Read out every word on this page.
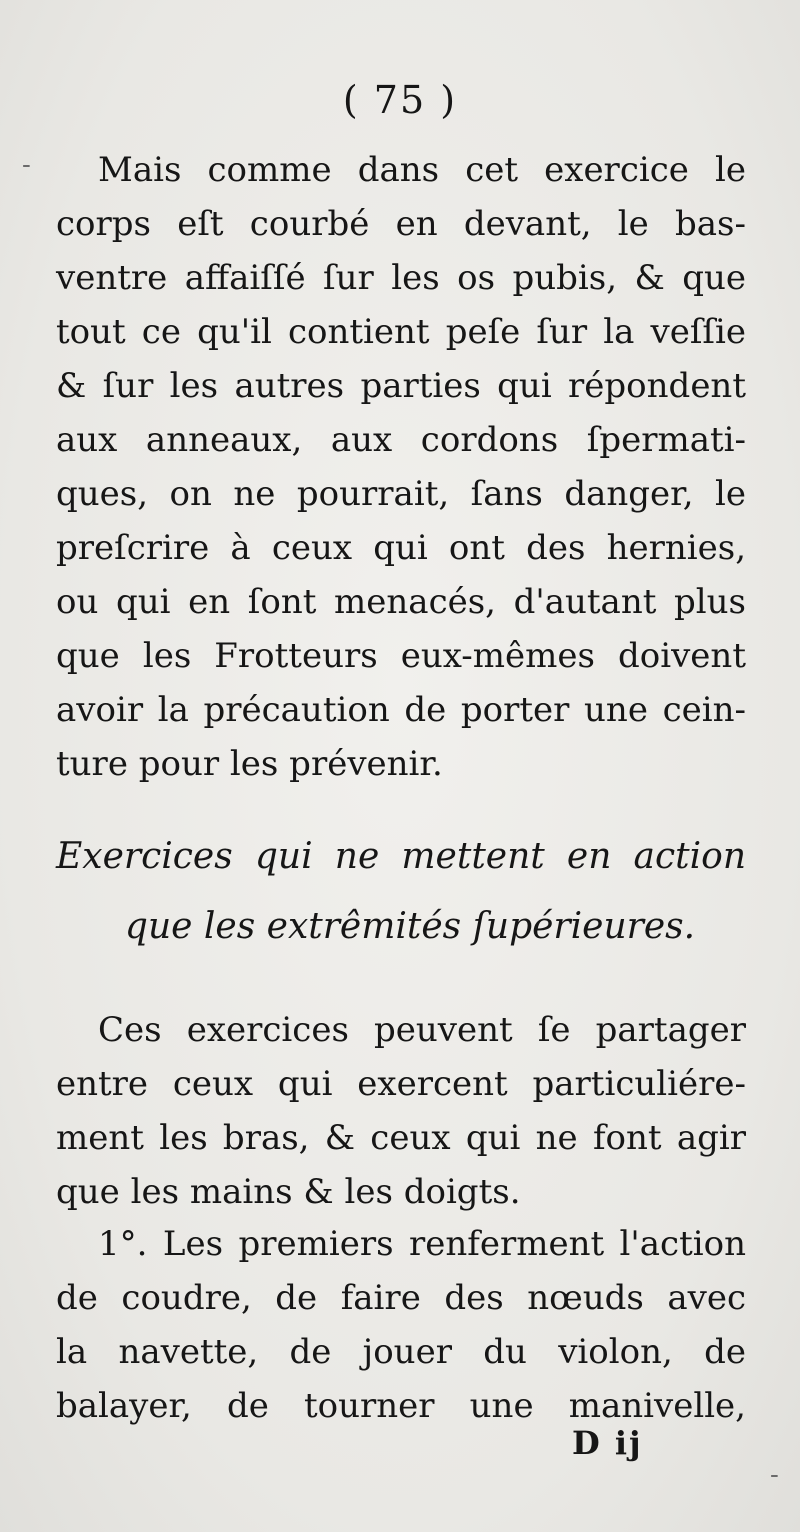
-
-
( 75 )
Mais comme dans cet exercice le
corps eſt courbé en devant, le bas-
ventre affaiſſé ſur les os pubis, & que
tout ce qu'il contient peſe ſur la veſſie
& ſur les autres parties qui répondent
aux anneaux, aux cordons ſpermati-
ques, on ne pourrait, ſans danger, le
preſcrire à ceux qui ont des hernies,
ou qui en ſont menacés, d'autant plus
que les Frotteurs eux-mêmes doivent
avoir la précaution de porter une cein-
ture pour les prévenir.
Exercices qui ne mettent en action
que les extrêmités ſupérieures.
Ces exercices peuvent ſe partager
entre ceux qui exercent particuliére-
ment les bras, & ceux qui ne font agir
que les mains & les doigts.
1°. Les premiers renferment l'action
de coudre, de faire des nœuds avec
la navette, de jouer du violon, de
balayer, de tourner une manivelle,
D ij
